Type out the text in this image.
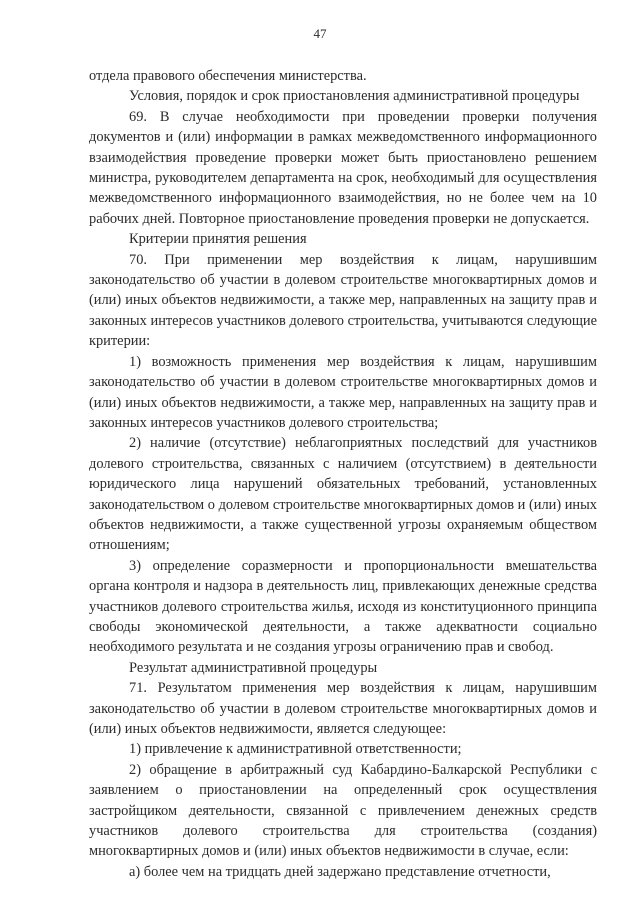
47

отдела правового обеспечения министерства.

Условия, порядок и срок приостановления административной процедуры

69. В случае необходимости при проведении проверки получения документов и (или) информации в рамках межведомственного информационного взаимодействия проведение проверки может быть приостановлено решением министра, руководителем департамента на срок, необходимый для осуществления межведомственного информационного взаимодействия, но не более чем на 10 рабочих дней. Повторное приостановление проведения проверки не допускается.

Критерии принятия решения

70. При применении мер воздействия к лицам, нарушившим законодательство об участии в долевом строительстве многоквартирных домов и (или) иных объектов недвижимости, а также мер, направленных на защиту прав и законных интересов участников долевого строительства, учитываются следующие критерии:

1) возможность применения мер воздействия к лицам, нарушившим законодательство об участии в долевом строительстве многоквартирных домов и (или) иных объектов недвижимости, а также мер, направленных на защиту прав и законных интересов участников долевого строительства;

2) наличие (отсутствие) неблагоприятных последствий для участников долевого строительства, связанных с наличием (отсутствием) в деятельности юридического лица нарушений обязательных требований, установленных законодательством о долевом строительстве многоквартирных домов и (или) иных объектов недвижимости, а также существенной угрозы охраняемым обществом отношениям;

3) определение соразмерности и пропорциональности вмешательства органа контроля и надзора в деятельность лиц, привлекающих денежные средства участников долевого строительства жилья, исходя из конституционного принципа свободы экономической деятельности, а также адекватности социально необходимого результата и не создания угрозы ограничению прав и свобод.

Результат административной процедуры

71. Результатом применения мер воздействия к лицам, нарушившим законодательство об участии в долевом строительстве многоквартирных домов и (или) иных объектов недвижимости, является следующее:

1) привлечение к административной ответственности;

2) обращение в арбитражный суд Кабардино-Балкарской Республики с заявлением о приостановлении на определенный срок осуществления застройщиком деятельности, связанной с привлечением денежных средств участников долевого строительства для строительства (создания) многоквартирных домов и (или) иных объектов недвижимости в случае, если:

а) более чем на тридцать дней задержано представление отчетности,
